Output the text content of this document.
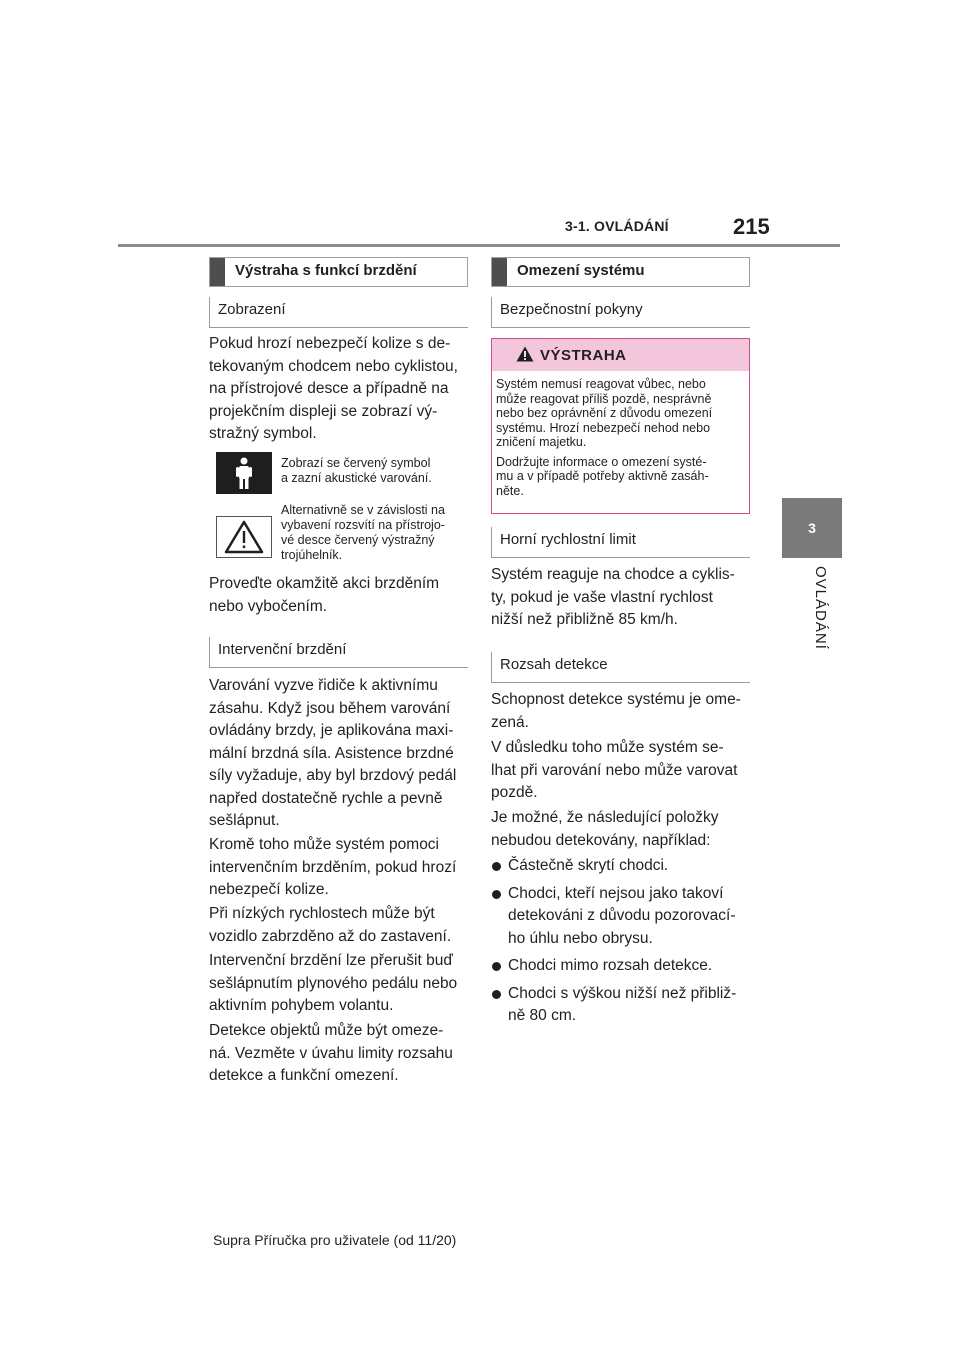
3-1. OVLÁDÁNÍ	215
3
OVLÁDÁNÍ
Výstraha s funkcí brzdění
Zobrazení

Pokud hrozí nebezpečí kolize s de-
tekovaným chodcem nebo cyklistou,
na přístrojové desce a případně na
projekčním displeji se zobrazí vý-
stražný symbol.

Zobrazí se červený symbol
a zazní akustické varování.
Alternativně se v závislosti na
vybavení rozsvítí na přístrojo-
vé desce červený výstražný
trojúhelník.

Proveďte okamžitě akci brzděním
nebo vybočením.

Intervenční brzdění

Varování vyzve řidiče k aktivnímu
zásahu. Když jsou během varování
ovládány brzdy, je aplikována maxi-
mální brzdná síla. Asistence brzdné
síly vyžaduje, aby byl brzdový pedál
napřed dostatečně rychle a pevně
sešlápnut.

Kromě toho může systém pomoci
intervenčním brzděním, pokud hrozí
nebezpečí kolize.

Při nízkých rychlostech může být
vozidlo zabrzděno až do zastavení.

Intervenční brzdění lze přerušit buď
sešlápnutím plynového pedálu nebo
aktivním pohybem volantu.

Detekce objektů může být omeze-
ná. Vezměte v úvahu limity rozsahu
detekce a funkční omezení.

Omezení systému
Bezpečnostní pokyny
VÝSTRAHA

Systém nemusí reagovat vůbec, nebo
může reagovat příliš pozdě, nesprávně
nebo bez oprávnění z důvodu omezení
systému. Hrozí nebezpečí nehod nebo
zničení majetku.

Dodržujte informace o omezení systé-
mu a v případě potřeby aktivně zasáh-
něte.

Horní rychlostní limit

Systém reaguje na chodce a cyklis-
ty, pokud je vaše vlastní rychlost
nižší než přibližně 85 km/h.

Rozsah detekce

Schopnost detekce systému je ome-
zená.

V důsledku toho může systém se-
lhat při varování nebo může varovat
pozdě.

Je možné, že následující položky
nebudou detekovány, například:

Částečně skrytí chodci.
Chodci, kteří nejsou jako takoví
detekováni z důvodu pozorovací-
ho úhlu nebo obrysu.
Chodci mimo rozsah detekce.
Chodci s výškou nižší než přibliž-
ně 80 cm.
Supra Příručka pro uživatele (od 11/20)
